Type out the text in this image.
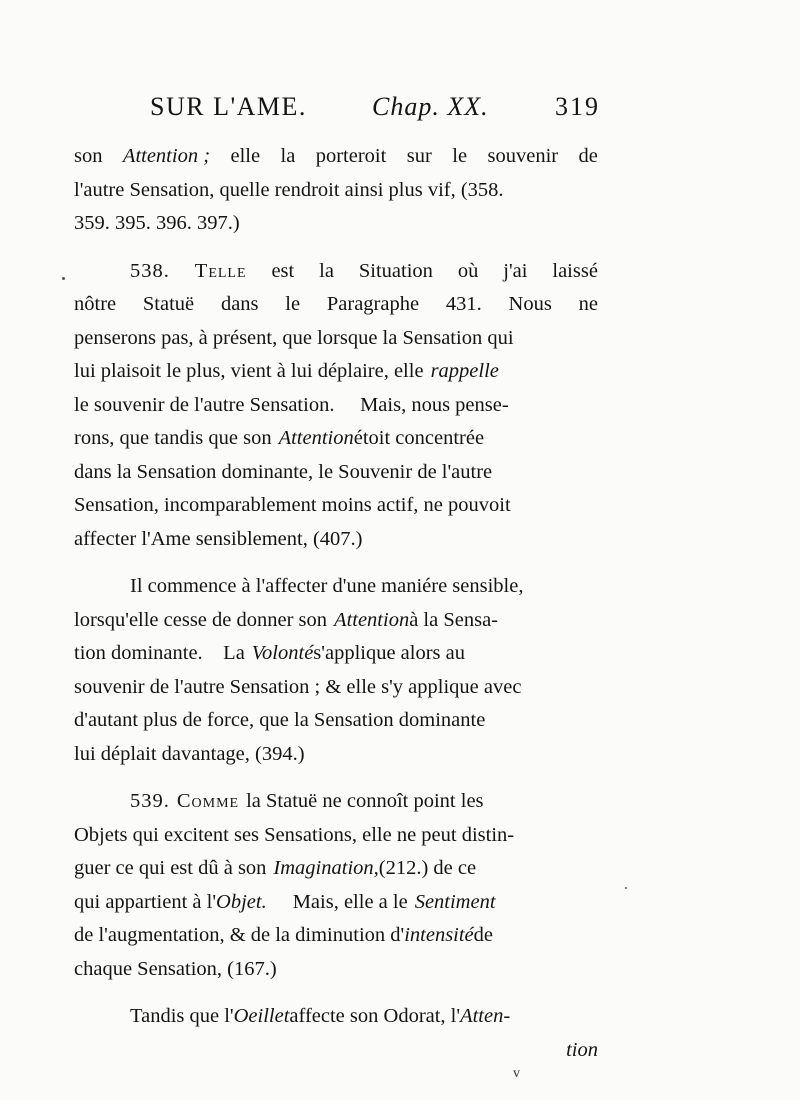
SUR L'AME.	Chap. XX.	319
son Attention ; elle la porteroit sur le souvenir de
l'autre Sensation, quelle rendroit ainsi plus vif, (358.
359. 395. 396. 397.)
538. Telle est la Situation où j'ai laissé
nôtre Statuë dans le Paragraphe 431. Nous ne
penserons pas, à présent, que lorsque la Sensation qui
lui plaisoit le plus, vient à lui déplaire, elle rappelle
le souvenir de l'autre Sensation.     Mais, nous pense-
rons, que tandis que son Attention étoit concentrée
dans la Sensation dominante, le Souvenir de l'autre
Sensation, incomparablement moins actif, ne pouvoit
affecter l'Ame sensiblement, (407.)
Il commence à l'affecter d'une maniére sensible,
lorsqu'elle cesse de donner son Attention à la Sensa-
tion dominante.    La Volonté s'applique alors au
souvenir de l'autre Sensation ; & elle s'y applique avec
d'autant plus de force, que la Sensation dominante
lui déplait davantage, (394.)
539. Comme la Statuë ne connoît point les
Objets qui excitent ses Sensations, elle ne peut distin-
guer ce qui est dû à son Imagination, (212.) de ce
qui appartient à l' Objet. Mais, elle a le Sentiment
de l'augmentation, & de la diminution d' intensité de
chaque Sensation, (167.)
Tandis que l' Oeillet affecte son Odorat, l' Atten-
tion
v
